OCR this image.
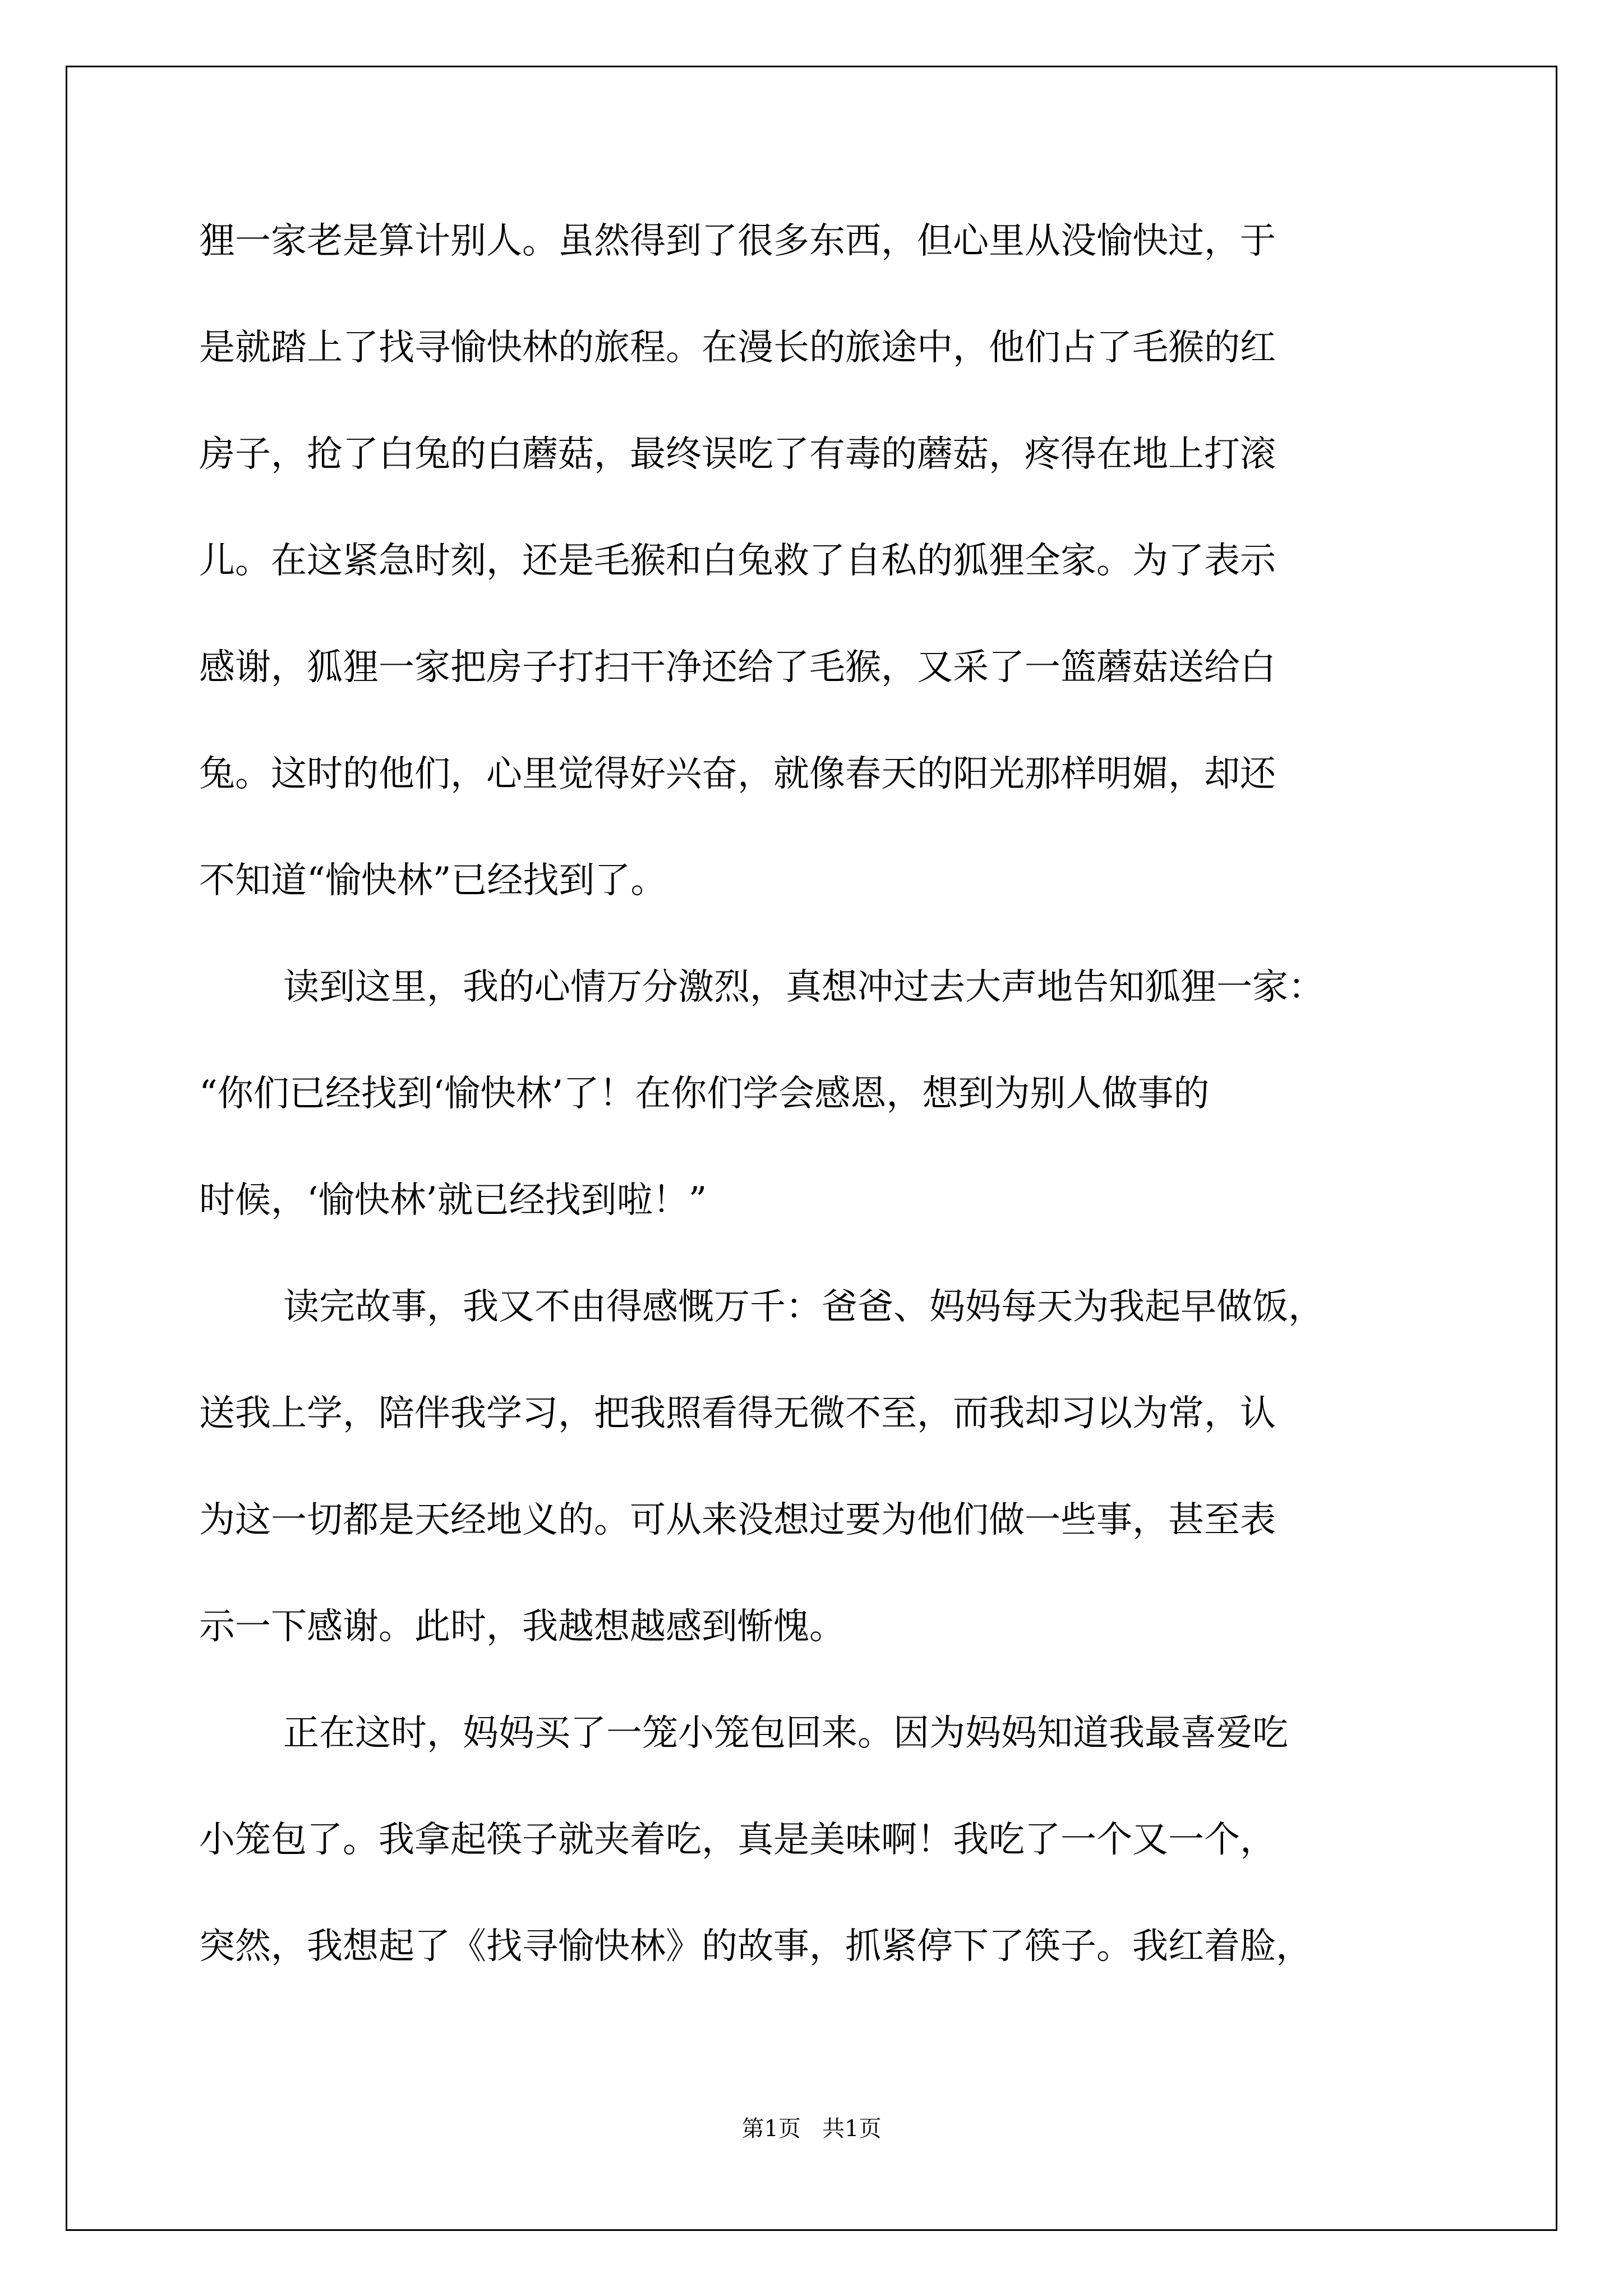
狸一家老是算计别人。虽然得到了很多东西，但心里从没愉快过，于

是就踏上了找寻愉快林的旅程。在漫长的旅途中，他们占了毛猴的红

房子，抢了白兔的白蘑菇，最终误吃了有毒的蘑菇，疼得在地上打滚

儿。在这紧急时刻，还是毛猴和白兔救了自私的狐狸全家。为了表示

感谢，狐狸一家把房子打扫干净还给了毛猴，又采了一篮蘑菇送给白

兔。这时的他们，心里觉得好兴奋，就像春天的阳光那样明媚，却还

不知道“愉快林”已经找到了。

读到这里，我的心情万分激烈，真想冲过去大声地告知狐狸一家：

“你们已经找到‘愉快林’了！在你们学会感恩，想到为别人做事的

时候，‘愉快林’就已经找到啦！”

读完故事，我又不由得感慨万千：爸爸、妈妈每天为我起早做饭，

送我上学，陪伴我学习，把我照看得无微不至，而我却习以为常，认

为这一切都是天经地义的。可从来没想过要为他们做一些事，甚至表

示一下感谢。此时，我越想越感到惭愧。

正在这时，妈妈买了一笼小笼包回来。因为妈妈知道我最喜爱吃

小笼包了。我拿起筷子就夹着吃，真是美味啊！我吃了一个又一个，

突然，我想起了《找寻愉快林》的故事，抓紧停下了筷子。我红着脸，

第1页   共1页
